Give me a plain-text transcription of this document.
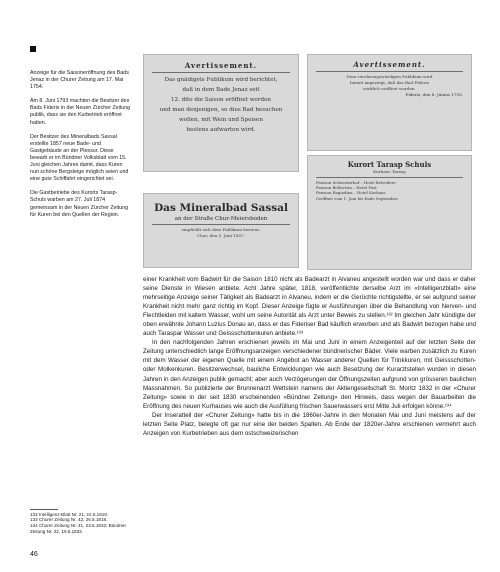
Anzeige für die Saisoneröffnung des Bads Jenaz in der Churer Zeitung am 17. Mai 1754.

Am 8. Juni 1793 machten die Besitzer des Bads Fideris in der Neuen Zürcher Zeitung publik, dass sie den Kurbetrieb eröffnet hatten.

Der Besitzer des Mineralbads Sassal erstellte 1857 neue Bade- und Gastgebäude an der Plessur. Diese bewarb er im Bündner Volksblatt vom 15. Juni gleichen Jahres damit, dass Kuren nun schöne Bergsteige möglich seien und eine gute Schiffahrt eingerichtet sei.

Die Gastbetriebe des Kurorts Tarasp-Schuls warben am 27. Juli 1874 gemeinsam in der Neuen Zürcher Zeitung für Kuren bei den Quellen der Region.

Avertissement.
Das gnädigste Publikum wird berichtet,
daß in dem Bade Jenaz seit
12. dito die Saison eröffnet worden
und man denjenigen, so dies Bad besuchen
wollen, mit Wein und Speisen
bestens aufwarten wird.
Das Mineralbad Sassal
an der Straße Chur-Meiersboden
empfiehlt sich dem Publikum bestens.
Chur, den 5. Juni 1857.
Avertissement.
Dem verehrungswürdigen Publikum wird
hiemit angezeigt, daß das Bad Fideris
wirklich eröffnet worden.
Fideris, den 8. Junius 1793.
Kurort Tarasp Schuls
Kurhaus Tarasp
Pension Schweizerhof – Hotel Belvedere
Pension Bellavista – Hotel Post
Pension Engiadina – Hotel Kurhaus
Geöffnet vom 1. Juni bis Ende September.

einer Krankheit vom Badwirt für die Saison 1810 nicht als Badearzt in Alvaneu angestellt worden war und dass er daher seine Dienste in Wiesen anbiete. Acht Jahre später, 1818, veröffentlichte derselbe Arzt im «Intelligenzblatt» eine mehrseitige Anzeige seiner Tätigkeit als Badearzt in Alvaneu, indem er die Gerüchte richtigstellte, er sei aufgrund seiner Krankheit nicht mehr ganz richtig im Kopf. Dieser Anzeige fügte er Ausführungen über die Behandlung von Nerven- und Flechtleiden mit kaltem Wasser, wohl um seine Autorität als Arzt unter Beweis zu stellen.¹³² Im gleichen Jahr kündigte der oben erwähnte Johann Luzius Donau an, dass er das Fideriser Bad käuflich erworben und als Badwirt bezogen habe und auch Taraspar Wasser und Geissschottenkuren anbiete.¹³³

In den nachfolgenden Jahren erschienen jeweils im Mai und Juni in einem Anzeigenteil auf der letzten Seite der Zeitung unterschiedlich lange Eröffnungsanzeigen verschiedener bündnerischer Bäder. Viele warben zusätzlich zu Kuren mit dem Wasser der eigenen Quelle mit einem Angebot an Wasser anderer Quellen für Trinkkuren, mit Geissschotten- oder Molkenkuren. Besitzerwechsel, bauliche Entwicklungen wie auch Besetzung der Kurarztstellen wurden in diesen Jahren in den Anzeigen publik gemacht; aber auch Verzögerungen der Öffnungszeiten aufgrund von grösseren baulichen Massnahmen. So publizierte der Brunnenarzt Wettstein namens der Aktiengesellschaft St. Moritz 1832 in der «Churer Zeitung» sowie in der seit 1830 erscheinenden «Bündner Zeitung» den Hinweis, dass wegen der Bauarbeiten die Eröffnung des neuen Kurhauses wie auch die Ausfüllung frischen Sauerwassers erst Mitte Juli erfolgen könne.¹³⁴

Der Inseratteil der «Churer Zeitung» hatte bis in die 1860er-Jahre in den Monaten Mai und Juni meistens auf der letzten Seite Platz, belegte oft gar nur eine der beiden Spalten. Ab Ende der 1820er-Jahre erschienen vermehrt auch Anzeigen von Kurbetrieben aus dem ostschweizerischen

132 Intelligenz-Blatt Nr. 21, 22.5.1810.

133 Churer Zeitung Nr. 42, 26.5.1818.

134 Churer Zeitung Nr. 41, 23.5.1832; Bündner Zeitung Nr. 22, 19.5.1832.

46
